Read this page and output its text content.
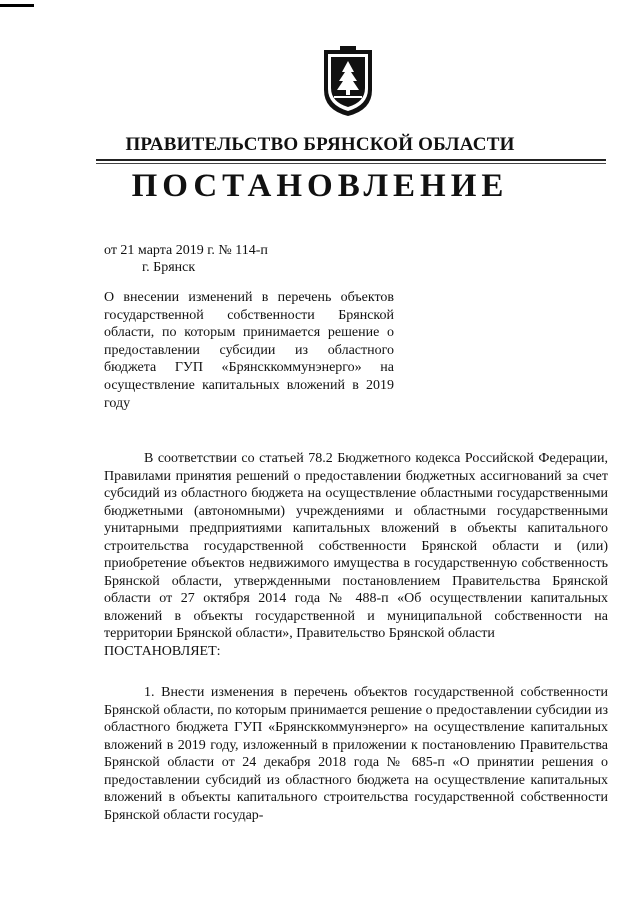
ПРАВИТЕЛЬСТВО БРЯНСКОЙ ОБЛАСТИ
ПОСТАНОВЛЕНИЕ
от 21 марта 2019 г. № 114-п
г. Брянск

О внесении изменений в перечень объектов государственной собственности Брянской области, по которым принимается решение о предоставлении субсидии из областного бюджета ГУП «Брянсккоммунэнерго» на осуществление капитальных вложений в 2019 году

В соответствии со статьей 78.2 Бюджетного кодекса Российской Федерации, Правилами принятия решений о предоставлении бюджетных ассигнований за счет субсидий из областного бюджета на осуществление областными государственными бюджетными (автономными) учреждениями и областными государственными унитарными предприятиями капитальных вложений в объекты капитального строительства государственной собственности Брянской области и (или) приобретение объектов недвижимого имущества в государственную собственность Брянской области, утвержденными постановлением Правительства Брянской области от 27 октября 2014 года № 488-п «Об осуществлении капитальных вложений в объекты государственной и муниципальной собственности на территории Брянской области», Правительство Брянской области

ПОСТАНОВЛЯЕТ:

1. Внести изменения в перечень объектов государственной собственности Брянской области, по которым принимается решение о предоставлении субсидии из областного бюджета ГУП «Брянсккоммунэнерго» на осуществление капитальных вложений в 2019 году, изложенный в приложении к постановлению Правительства Брянской области от 24 декабря 2018 года № 685-п «О принятии решения о предоставлении субсидий из областного бюджета на осуществление капитальных вложений в объекты капитального строительства государственной собственности Брянской области государ-
